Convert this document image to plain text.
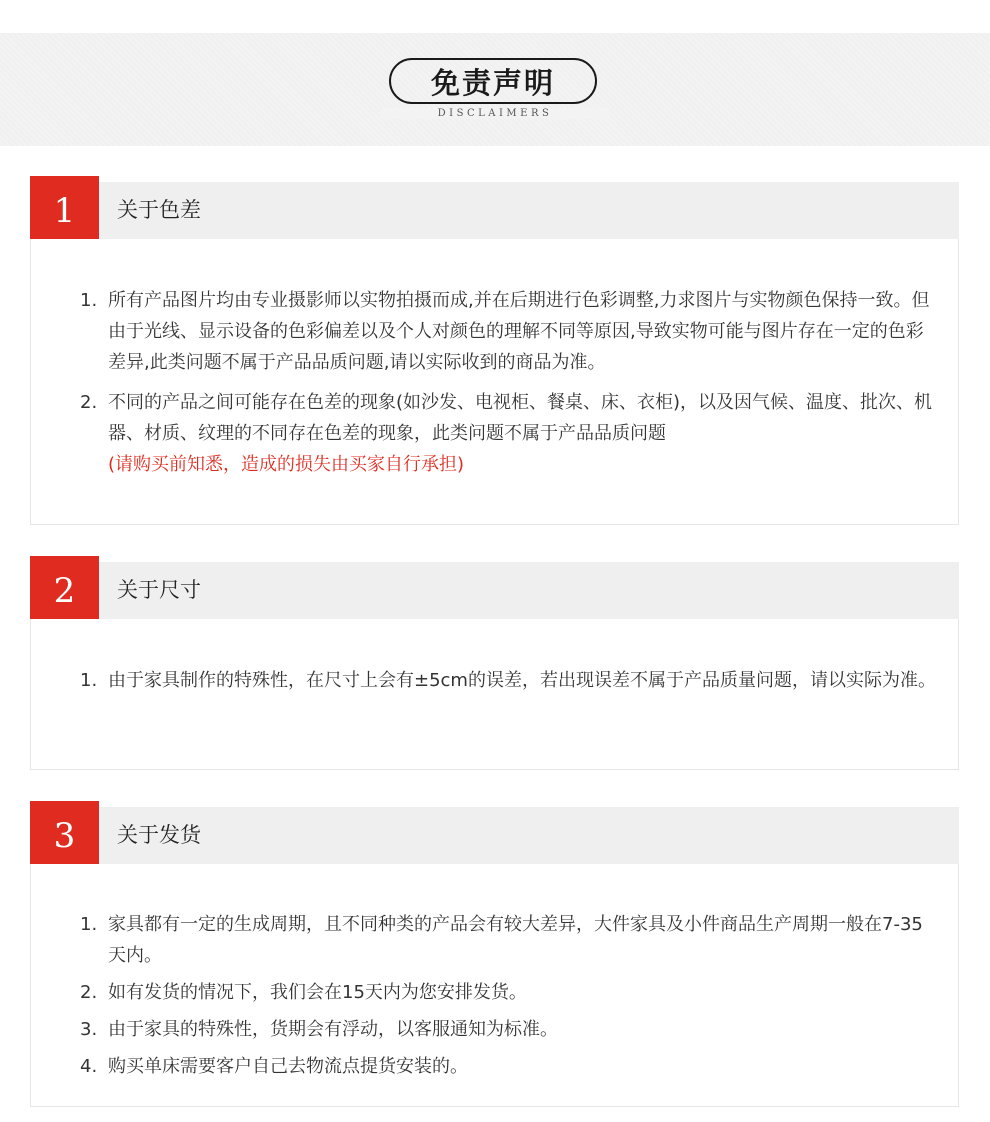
免责声明
DISCLAIMERS
1	关于色差
1. 所有产品图片均由专业摄影师以实物拍摄而成,并在后期进行色彩调整,力求图片与实物颜色保持一致。但由于光线、显示设备的色彩偏差以及个人对颜色的理解不同等原因,导致实物可能与图片存在一定的色彩差异,此类问题不属于产品品质问题,请以实际收到的商品为准。
2. 不同的产品之间可能存在色差的现象(如沙发、电视柜、餐桌、床、衣柜)，以及因气候、温度、批次、机器、材质、纹理的不同存在色差的现象，此类问题不属于产品品质问题
(请购买前知悉，造成的损失由买家自行承担)
2	关于尺寸
1. 由于家具制作的特殊性，在尺寸上会有±5cm的误差，若出现误差不属于产品质量问题，请以实际为准。
3	关于发货
1. 家具都有一定的生成周期，且不同种类的产品会有较大差异，大件家具及小件商品生产周期一般在7-35天内。
2. 如有发货的情况下，我们会在15天内为您安排发货。
3. 由于家具的特殊性，货期会有浮动，以客服通知为标准。
4. 购买单床需要客户自己去物流点提货安装的。
